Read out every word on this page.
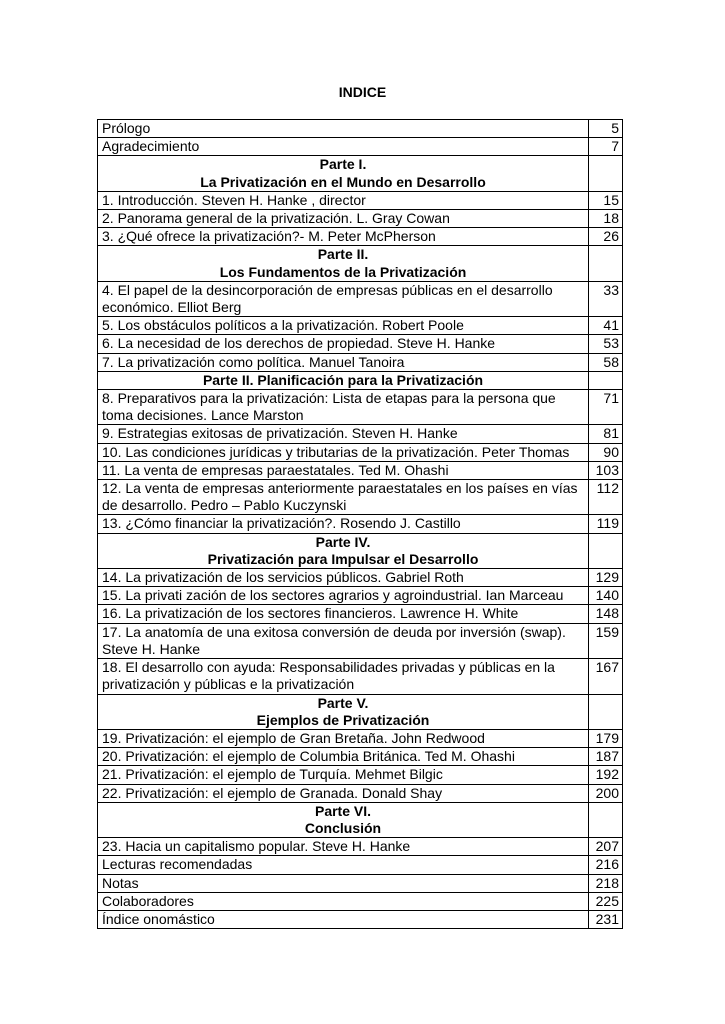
INDICE
Prólogo	5
Agradecimiento	7

Parte I.
La Privatización en el Mundo en Desarrollo	

1. Introducción. Steven H. Hanke , director	15
2. Panorama general de la privatización. L. Gray Cowan	18
3. ¿Qué ofrece la privatización?- M. Peter McPherson	26

Parte II.
Los Fundamentos de la Privatización	

4. El papel de la desincorporación de empresas públicas en el desarrollo económico. Elliot Berg	33
5. Los obstáculos políticos a la privatización. Robert Poole	41
6. La necesidad de los derechos de propiedad. Steve H. Hanke	53
7. La privatización como política. Manuel Tanoira	58

Parte II. Planificación para la Privatización	

8. Preparativos para la privatización: Lista de etapas para la persona que toma decisiones. Lance Marston	71
9. Estrategias exitosas de privatización. Steven H. Hanke	81
10. Las condiciones jurídicas y tributarias de la privatización. Peter Thomas	90
11. La venta de empresas paraestatales. Ted M. Ohashi	103
12. La venta de empresas anteriormente paraestatales en los países en vías de desarrollo. Pedro – Pablo Kuczynski	112
13. ¿Cómo financiar la privatización?. Rosendo J. Castillo	119

Parte IV.
Privatización para Impulsar el Desarrollo	

14. La privatización de los servicios públicos. Gabriel Roth	129
15. La privati zación de los sectores agrarios y agroindustrial. Ian Marceau	140
16. La privatización de los sectores financieros. Lawrence H. White	148
17. La anatomía de una exitosa conversión de deuda por inversión (swap). Steve H. Hanke	159
18. El desarrollo con ayuda: Responsabilidades privadas y públicas en la privatización y públicas e la privatización	167

Parte V.
Ejemplos de Privatización	

19. Privatización: el ejemplo de Gran Bretaña. John Redwood	179
20. Privatización: el ejemplo de Columbia Británica. Ted M. Ohashi	187
21. Privatización: el ejemplo de Turquía. Mehmet Bilgic	192
22. Privatización: el ejemplo de Granada. Donald Shay	200

Parte VI.
Conclusión	

23. Hacia un capitalismo popular. Steve H. Hanke	207
Lecturas recomendadas	216
Notas	218
Colaboradores	225
Índice onomástico	231
